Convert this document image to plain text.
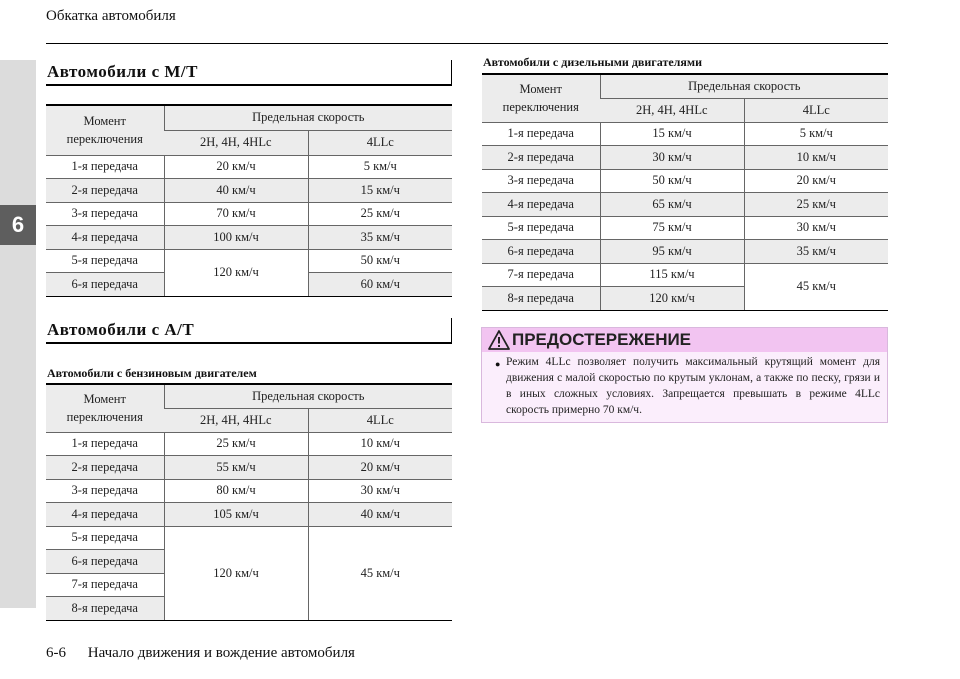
Обкатка автомобиля
6
Автомобили с М/Т
Момент переключения	Предельная скорость	
	2H, 4H, 4HLc	4LLc
1-я передача	20 км/ч	5 км/ч
2-я передача	40 км/ч	15 км/ч
3-я передача	70 км/ч	25 км/ч
4-я передача	100 км/ч	35 км/ч
5-я передача	120 км/ч	50 км/ч
6-я передача		60 км/ч
Автомобили с А/Т
Автомобили с бензиновым двигателем
Момент переключения	Предельная скорость	
	2H, 4H, 4HLc	4LLc
1-я передача	25 км/ч	10 км/ч
2-я передача	55 км/ч	20 км/ч
3-я передача	80 км/ч	30 км/ч
4-я передача	105 км/ч	40 км/ч
5-я передача	120 км/ч	45 км/ч
6-я передача		
7-я передача		
8-я передача		
Автомобили с дизельными двигателями
Момент переключения	Предельная скорость	
	2H, 4H, 4HLc	4LLc
1-я передача	15 км/ч	5 км/ч
2-я передача	30 км/ч	10 км/ч
3-я передача	50 км/ч	20 км/ч
4-я передача	65 км/ч	25 км/ч
5-я передача	75 км/ч	30 км/ч
6-я передача	95 км/ч	35 км/ч
7-я передача	115 км/ч	45 км/ч
8-я передача	120 км/ч	
ПРЕДОСТЕРЕЖЕНИЕ
● Режим 4LLc позволяет получить максимальный крутящий момент для движения с малой скоростью по крутым уклонам, а также по песку, грязи и в иных сложных условиях. Запрещается превышать в режиме 4LLc скорость примерно 70 км/ч.
6-6 Начало движения и вождение автомобиля
